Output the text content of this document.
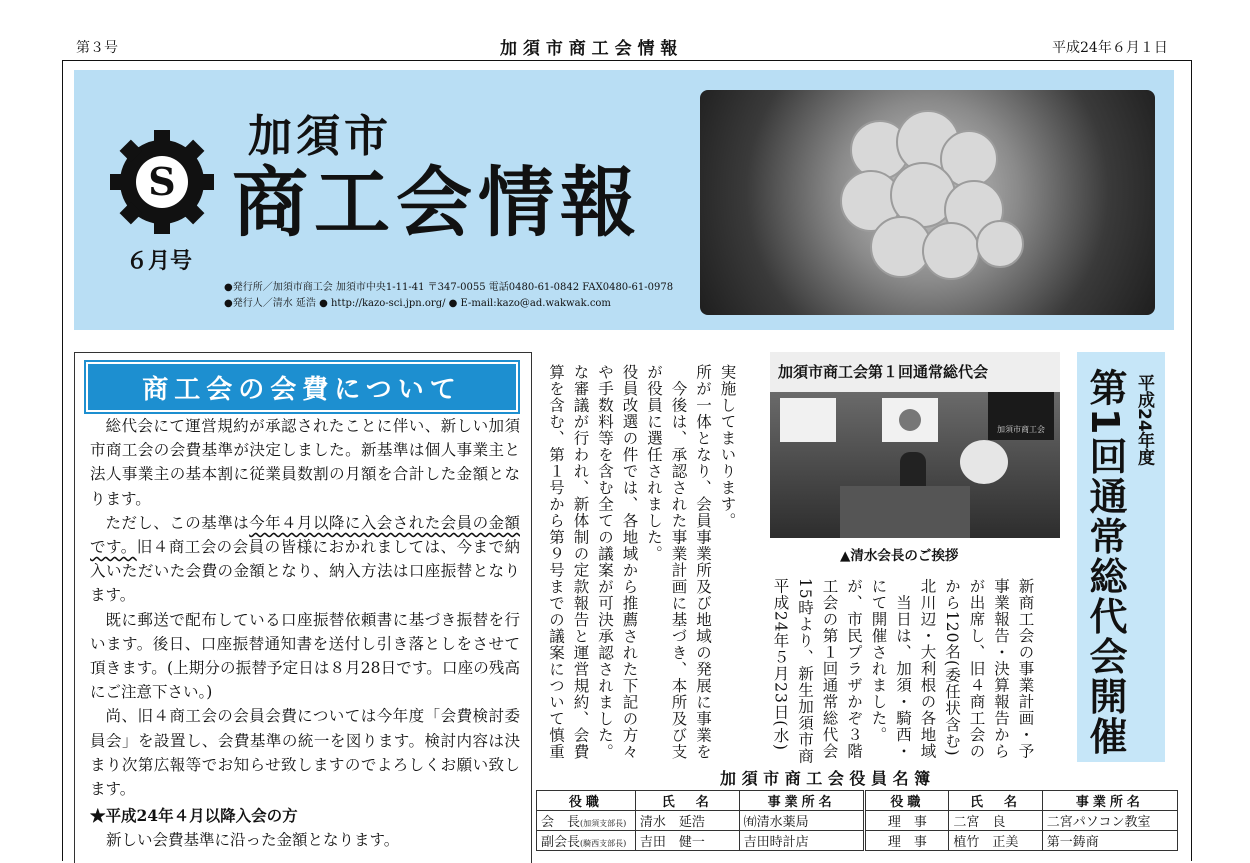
第３号	加 須 市 商 工 会 情 報	平成24年６月１日
S
６月号
加須市
商工会情報
●発行所／加須市商工会 加須市中央1-11-41 〒347-0055 電話0480-61-0842 FAX0480-61-0978
●発行人／清水 延浩 ● http://kazo-sci.jpn.org/ ● E-mail:kazo@ad.wakwak.com
商工会の会費について

総代会にて運営規約が承認されたことに伴い、新しい加須市商工会の会費基準が決定しました。新基準は個人事業主と法人事業主の基本割に従業員数割の月額を合計した金額となります。

ただし、この基準は今年４月以降に入会された会員の金額です。旧４商工会の会員の皆様におかれましては、今まで納入いただいた会費の金額となり、納入方法は口座振替となります。

既に郵送で配布している口座振替依頼書に基づき振替を行います。後日、口座振替通知書を送付し引き落としをさせて頂きます。(上期分の振替予定日は８月28日です。口座の残高にご注意下さい。)

尚、旧４商工会の会員会費については今年度「会費検討委員会」を設置し、会費基準の統一を図ります。検討内容は決まり次第広報等でお知らせ致しますのでよろしくお願い致します。

★平成24年４月以降入会の方
新しい会費基準に沿った金額となります。
平成24年度
第1回通常総代会開催
加須市商工会第１回通常総代会
加須市商工会
▲清水会長のご挨拶

新商工会の事業計画・予
事業報告・決算報告から
が出席し、旧４商工会の
から120名(委任状含む)
北川辺・大利根の各地域
　当日は、加須・騎西・
にて開催されました。
が、市民プラザかぞ３階
工会の第１回通常総代会
15時より、新生加須市商
平成24年５月23日(水)

実施してまいります。
所が一体となり、会員事業所及び地域の発展に事業を
　今後は、承認された事業計画に基づき、本所及び支
が役員に選任されました。
役員改選の件では、各地域から推薦された下記の方々
や手数料等を含む全ての議案が可決承認されました。
な審議が行われ、新体制の定款報告と運営規約、会費
算を含む、第１号から第９号までの議案について慎重

加 須 市 商 工 会 役 員 名 簿
役職	氏　名	事業所名	役職	氏　名	事業所名
会　長(加須支部長)	清水　延浩	㈲清水薬局	理　事	二宮　良	二宮パソコン教室
副会長(騎西支部長)	吉田　健一	吉田時計店	理　事	植竹　正美	第一鋳商
